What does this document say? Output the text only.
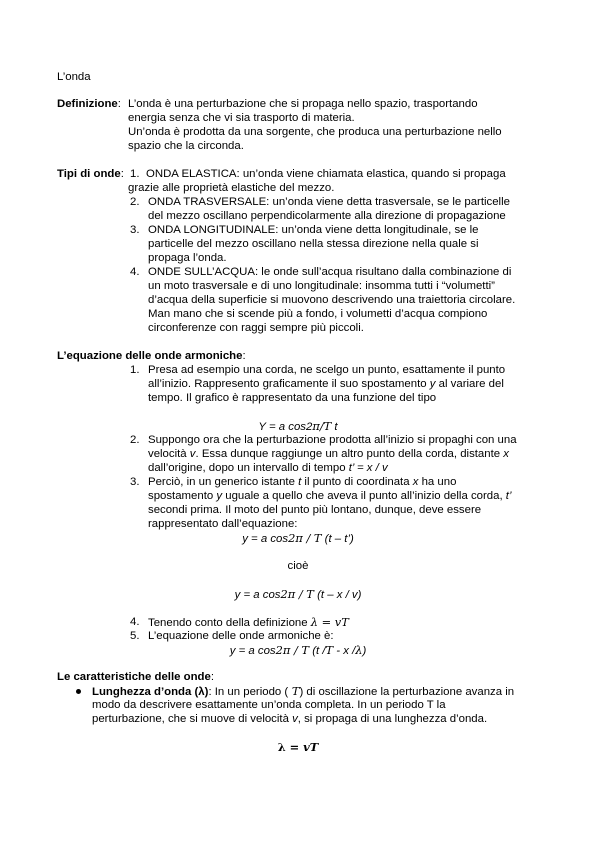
L’onda
Definizione: L’onda è una perturbazione che si propaga nello spazio, trasportando
energia senza che vi sia trasporto di materia.
Un’onda è prodotta da una sorgente, che produca una perturbazione nello
spazio che la circonda.
Tipi di onde: 1. ONDA ELASTICA: un’onda viene chiamata elastica, quando si propaga
grazie alle proprietà elastiche del mezzo.
2. ONDA TRASVERSALE: un’onda viene detta trasversale, se le particelle
del mezzo oscillano perpendicolarmente alla direzione di propagazione
3. ONDA LONGITUDINALE: un’onda viene detta longitudinale, se le
particelle del mezzo oscillano nella stessa direzione nella quale si
propaga l’onda.
4. ONDE SULL’ACQUA: le onde sull’acqua risultano dalla combinazione di
un moto trasversale e di uno longitudinale: insomma tutti i “volumetti”
d’acqua della superficie si muovono descrivendo una traiettoria circolare.
Man mano che si scende più a fondo, i volumetti d’acqua compiono
circonferenze con raggi sempre più piccoli.
L’equazione delle onde armoniche:
1. Presa ad esempio una corda, ne scelgo un punto, esattamente il punto
all’inizio. Rappresento graficamente il suo spostamento y al variare del
tempo. Il grafico è rappresentato da una funzione del tipo
Y = a cos2π/T t
2. Suppongo ora che la perturbazione prodotta all’inizio si propaghi con una
velocità v. Essa dunque raggiunge un altro punto della corda, distante x
dall’origine, dopo un intervallo di tempo t’ = x / v
3. Perciò, in un generico istante t il punto di coordinata x ha uno
spostamento y uguale a quello che aveva il punto all’inizio della corda, t’
secondi prima. Il moto del punto più lontano, dunque, deve essere
rappresentato dall’equazione:
y = a cos2π / T (t – t’)
cioè
y = a cos2π / T (t – x / v)
4. Tenendo conto della definizione λ = vT
5. L’equazione delle onde armoniche è:
y = a cos2π / T (t /T - x /λ)
Le caratteristiche delle onde:
Lunghezza d’onda (λ): In un periodo ( T) di oscillazione la perturbazione avanza in
modo da descrivere esattamente un’onda completa. In un periodo T la
perturbazione, che si muove di velocità v, si propaga di una lunghezza d’onda.
λ = vT
